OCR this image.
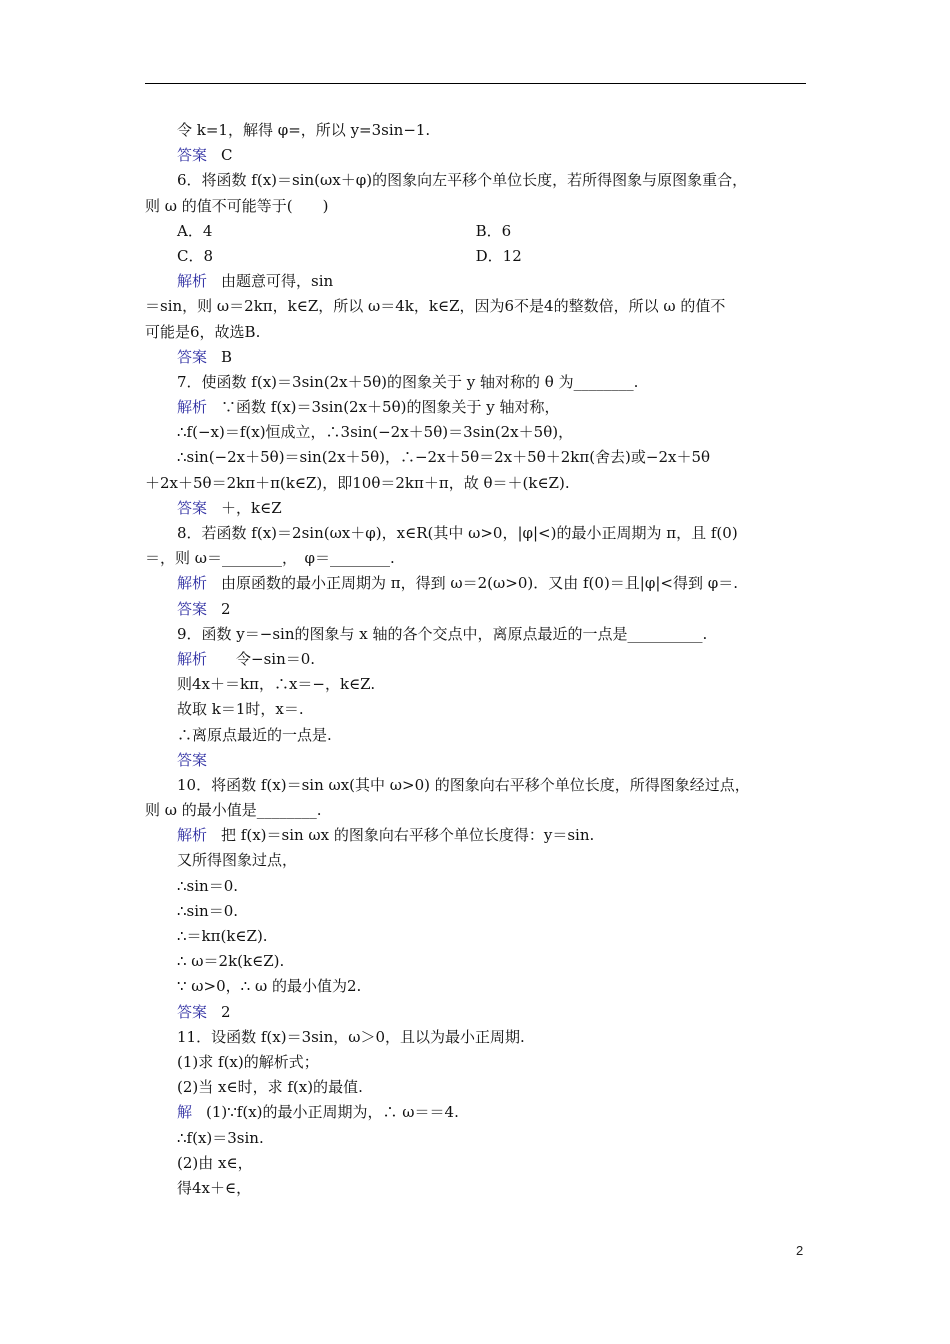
令 k=1，解得 φ=，所以 y=3sin−1.
答案 C
6．将函数 f(x)＝sin(ωx＋φ)的图象向左平移个单位长度，若所得图象与原图象重合，
则 ω 的值不可能等于(　　)
A．4	B．6
C．8	D．12
解析 由题意可得，sin
＝sin，则 ω＝2kπ，k∈Z，所以 ω＝4k，k∈Z，因为6不是4的整数倍，所以 ω 的值不
可能是6，故选B.
答案 B
7．使函数 f(x)＝3sin(2x＋5θ)的图象关于 y 轴对称的 θ 为________.
解析 ∵函数 f(x)＝3sin(2x＋5θ)的图象关于 y 轴对称，
∴f(−x)＝f(x)恒成立，∴3sin(−2x＋5θ)＝3sin(2x＋5θ)，
∴sin(−2x＋5θ)＝sin(2x＋5θ)，∴−2x＋5θ＝2x＋5θ＋2kπ(舍去)或−2x＋5θ
＋2x＋5θ＝2kπ＋π(k∈Z)，即10θ＝2kπ＋π，故 θ＝＋(k∈Z).
答案 ＋，k∈Z
8．若函数 f(x)＝2sin(ωx＋φ)，x∈R(其中 ω>0，|φ|<)的最小正周期为 π，且 f(0)
＝，则 ω＝________，　φ＝________.
解析 由原函数的最小正周期为 π，得到 ω＝2(ω>0)．又由 f(0)＝且|φ|<得到 φ＝.
答案 2
9．函数 y＝−sin的图象与 x 轴的各个交点中，离原点最近的一点是__________.
解析　令−sin＝0.
则4x＋＝kπ，∴x＝−，k∈Z.
故取 k＝1时，x＝.
∴离原点最近的一点是.
答案
10．将函数 f(x)＝sin ωx(其中 ω>0) 的图象向右平移个单位长度，所得图象经过点，
则 ω 的最小值是________.
解析 把 f(x)＝sin ωx 的图象向右平移个单位长度得：y＝sin.
又所得图象过点，
∴sin＝0.
∴sin＝0.
∴＝kπ(k∈Z).
∴ ω＝2k(k∈Z).
∵ ω>0，∴ ω 的最小值为2.
答案 2
11．设函数 f(x)＝3sin，ω＞0，且以为最小正周期.
(1)求 f(x)的解析式；
(2)当 x∈时，求 f(x)的最值.
解 (1)∵f(x)的最小正周期为，∴ ω＝＝4.
∴f(x)＝3sin.
(2)由 x∈，
得4x＋∈，
2
